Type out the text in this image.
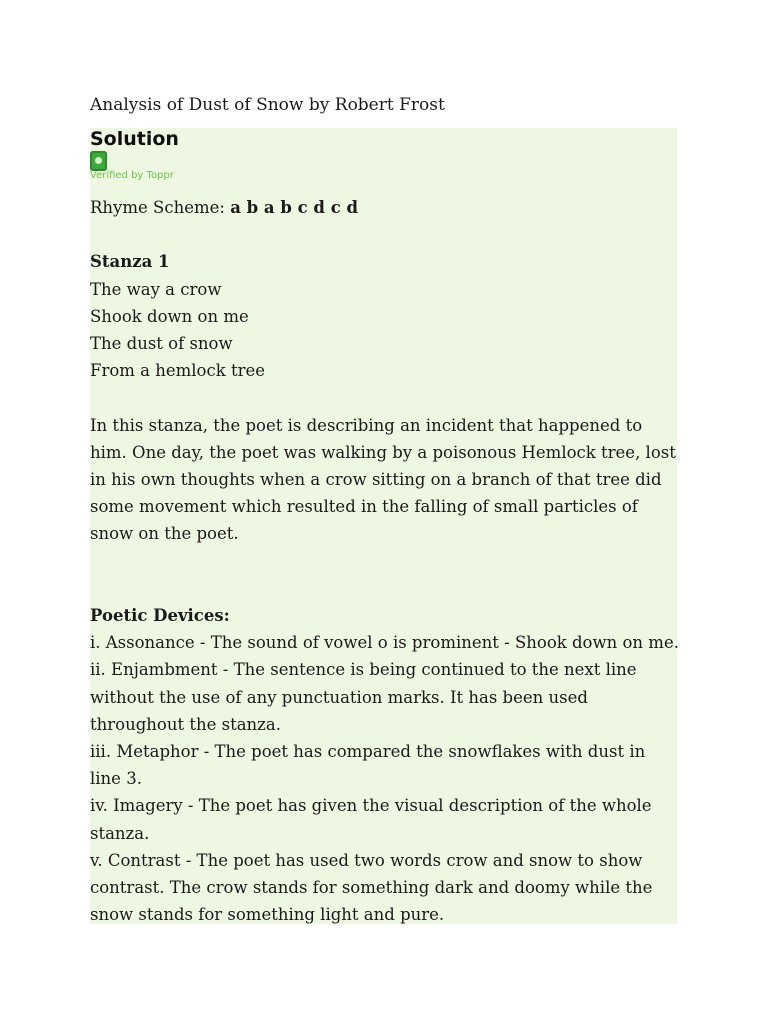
Analysis of Dust of Snow by Robert Frost
Solution
Verified by Toppr
Rhyme Scheme: a b a b c d c d
Stanza 1
The way a crow
Shook down on me
The dust of snow
From a hemlock tree
In this stanza, the poet is describing an incident that happened to him. One day, the poet was walking by a poisonous Hemlock tree, lost in his own thoughts when a crow sitting on a branch of that tree did some movement which resulted in the falling of small particles of snow on the poet.
Poetic Devices:
i. Assonance - The sound of vowel o is prominent - Shook down on me.
ii. Enjambment - The sentence is being continued to the next line without the use of any punctuation marks. It has been used throughout the stanza.
iii. Metaphor - The poet has compared the snowflakes with dust in line 3.
iv. Imagery - The poet has given the visual description of the whole stanza.
v. Contrast - The poet has used two words crow and snow to show contrast. The crow stands for something dark and doomy while the snow stands for something light and pure.
